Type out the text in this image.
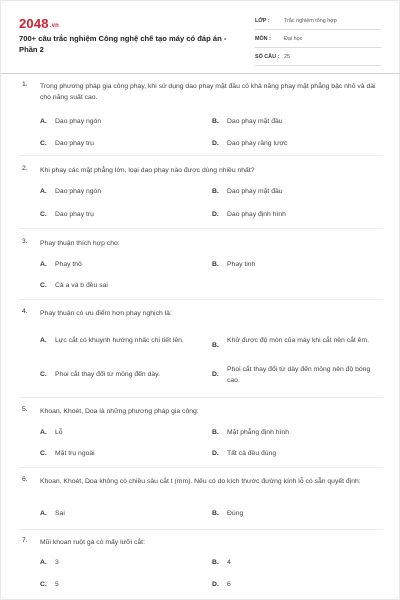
2048.vn
700+ câu trắc nghiệm Công nghệ chế tạo máy có đáp án - Phần 2
LỚP :	Trắc nghiệm tổng hợp
MÔN : Đại học
SỐ CÂU : 25
1. Trong phương pháp gia công phay, khi sử dụng dao phay mặt đầu có khả năng phay mặt phẳng bậc nhỏ và dài cho năng suất cao.
A. Dao phay ngón	B. Dao phay mặt đầu
C. Dao phay trụ	D. Dao phay răng lược
2. Khi phay các mặt phẳng lớn, loại dao phay nào được dùng nhiều nhất?
A. Dao phay ngón	B. Dao phay mặt đầu
C. Dao phay trụ	D. Dao phay định hình
3. Phay thuận thích hợp cho:
A. Phay thô	B. Phay tinh
C. Cả a và b đều sai
4. Phay thuận có ưu điểm hơn phay nghịch là:
A. Lực cắt có khuynh hướng nhấc chi tiết lên.
B.
Khử được độ mòn của máy khi cắt nên cắt êm.
C. Phoi cắt thay đổi từ mỏng đến dày.	D.
Phoi cắt thay đổi từ dày đến mỏng nên độ bóng cao.
5. Khoan, Khoét, Doa là những phương pháp gia công:
A. Lỗ	B. Mặt phẳng định hình
C. Mặt trụ ngoài	D. Tất cả đều đúng
6. Khoan, Khoét, Doa không có chiều sâu cắt t (mm). Nếu có do kích thước đường kính lỗ có sẵn quyết định:
A. Sai	B. Đúng
7. Mũi khoan ruột gà có mấy lưỡi cắt:
A. 3	B. 4
C. 5	D. 6
